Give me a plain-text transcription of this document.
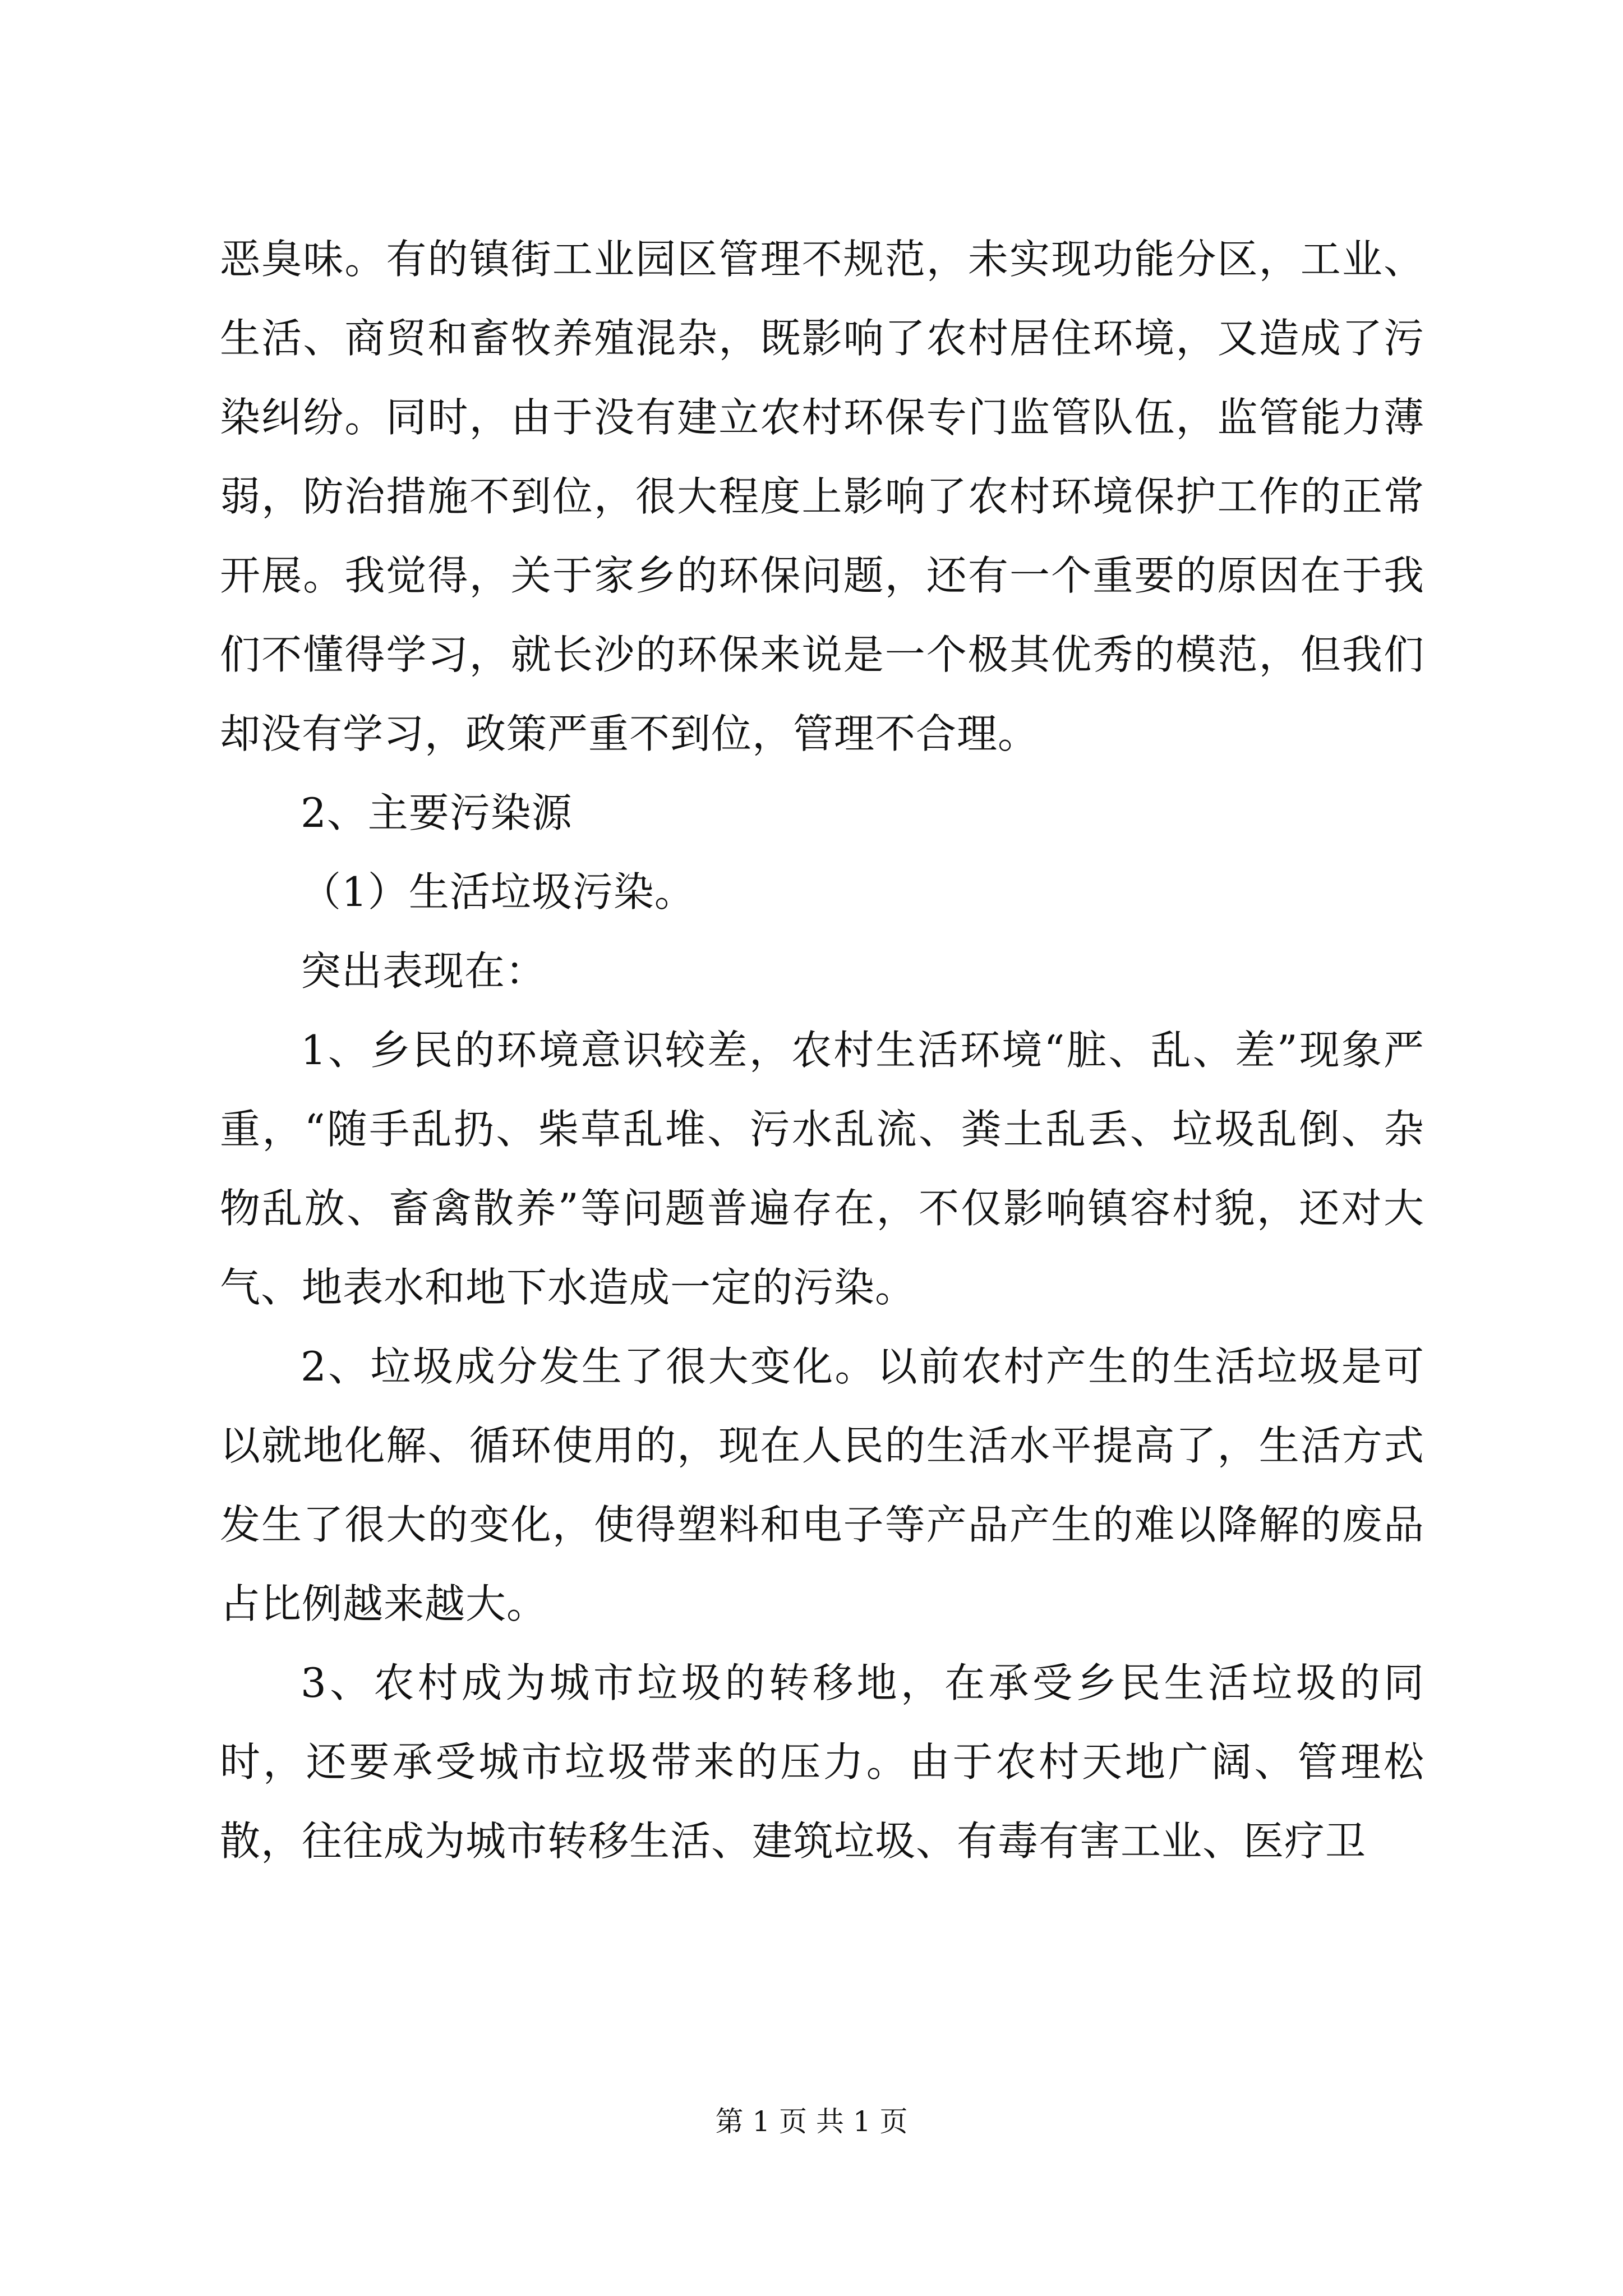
恶臭味。有的镇街工业园区管理不规范，未实现功能分区，工业、生活、商贸和畜牧养殖混杂，既影响了农村居住环境，又造成了污染纠纷。同时，由于没有建立农村环保专门监管队伍，监管能力薄弱，防治措施不到位，很大程度上影响了农村环境保护工作的正常开展。我觉得，关于家乡的环保问题，还有一个重要的原因在于我们不懂得学习，就长沙的环保来说是一个极其优秀的模范，但我们却没有学习，政策严重不到位，管理不合理。

2、主要污染源

（1）生活垃圾污染。

突出表现在：

1、乡民的环境意识较差，农村生活环境“脏、乱、差”现象严重，“随手乱扔、柴草乱堆、污水乱流、粪土乱丢、垃圾乱倒、杂物乱放、畜禽散养”等问题普遍存在，不仅影响镇容村貌，还对大气、地表水和地下水造成一定的污染。

2、垃圾成分发生了很大变化。以前农村产生的生活垃圾是可以就地化解、循环使用的，现在人民的生活水平提高了，生活方式发生了很大的变化，使得塑料和电子等产品产生的难以降解的废品占比例越来越大。

3、农村成为城市垃圾的转移地，在承受乡民生活垃圾的同时，还要承受城市垃圾带来的压力。由于农村天地广阔、管理松散，往往成为城市转移生活、建筑垃圾、有毒有害工业、医疗卫

第 1 页 共 1 页
